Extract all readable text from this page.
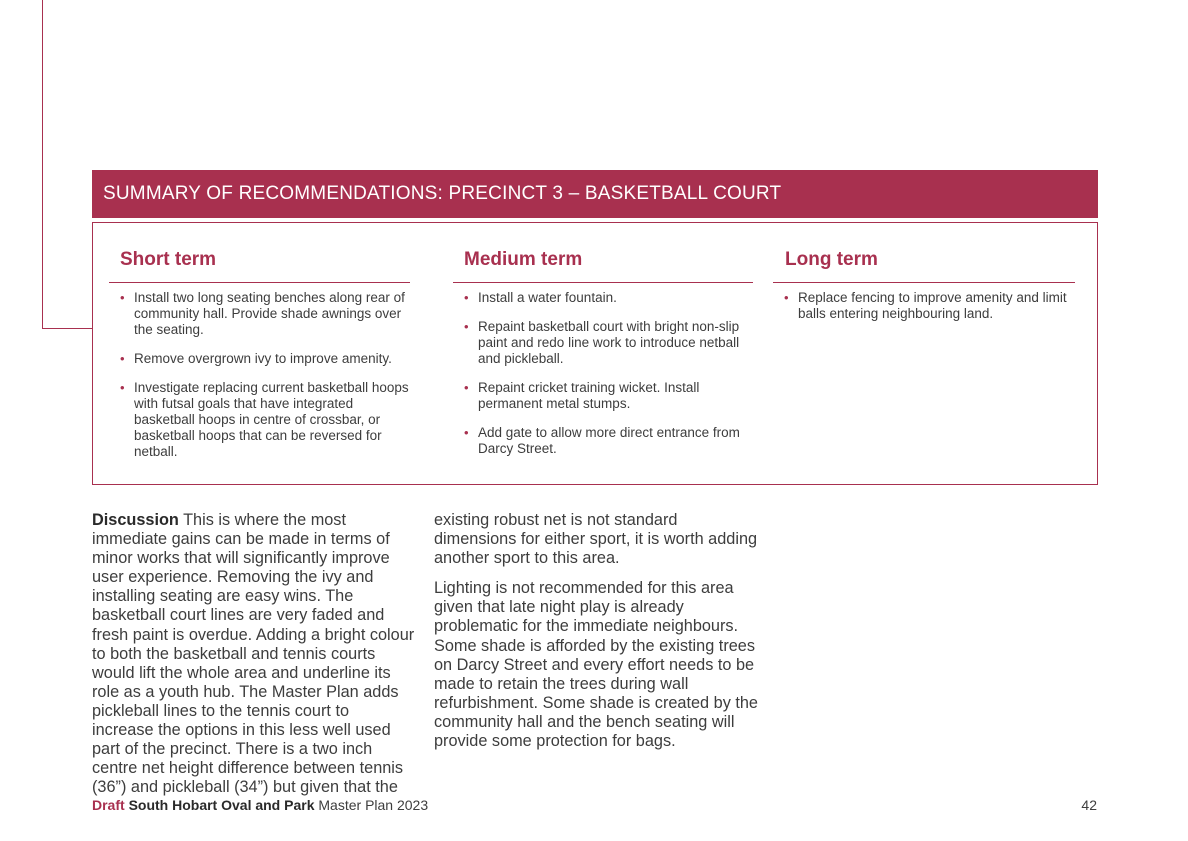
SUMMARY OF RECOMMENDATIONS: PRECINCT 3 – BASKETBALL COURT
Short term
• Install two long seating benches along rear of community hall. Provide shade awnings over the seating.
• Remove overgrown ivy to improve amenity.
• Investigate replacing current basketball hoops with futsal goals that have integrated basketball hoops in centre of crossbar, or basketball hoops that can be reversed for netball.
Medium term
• Install a water fountain.
• Repaint basketball court with bright non-slip paint and redo line work to introduce netball and pickleball.
• Repaint cricket training wicket. Install permanent metal stumps.
• Add gate to allow more direct entrance from Darcy Street.
Long term
• Replace fencing to improve amenity and limit balls entering neighbouring land.

Discussion This is where the most immediate gains can be made in terms of minor works that will significantly improve user experience. Removing the ivy and installing seating are easy wins. The basketball court lines are very faded and fresh paint is overdue. Adding a bright colour to both the basketball and tennis courts would lift the whole area and underline its role as a youth hub. The Master Plan adds pickleball lines to the tennis court to increase the options in this less well used part of the precinct. There is a two inch centre net height difference between tennis (36”) and pickleball (34”) but given that the

existing robust net is not standard dimensions for either sport, it is worth adding another sport to this area.

Lighting is not recommended for this area given that late night play is already problematic for the immediate neighbours. Some shade is afforded by the existing trees on Darcy Street and every effort needs to be made to retain the trees during wall refurbishment. Some shade is created by the community hall and the bench seating will provide some protection for bags.

Draft South Hobart Oval and Park Master Plan 2023	42
